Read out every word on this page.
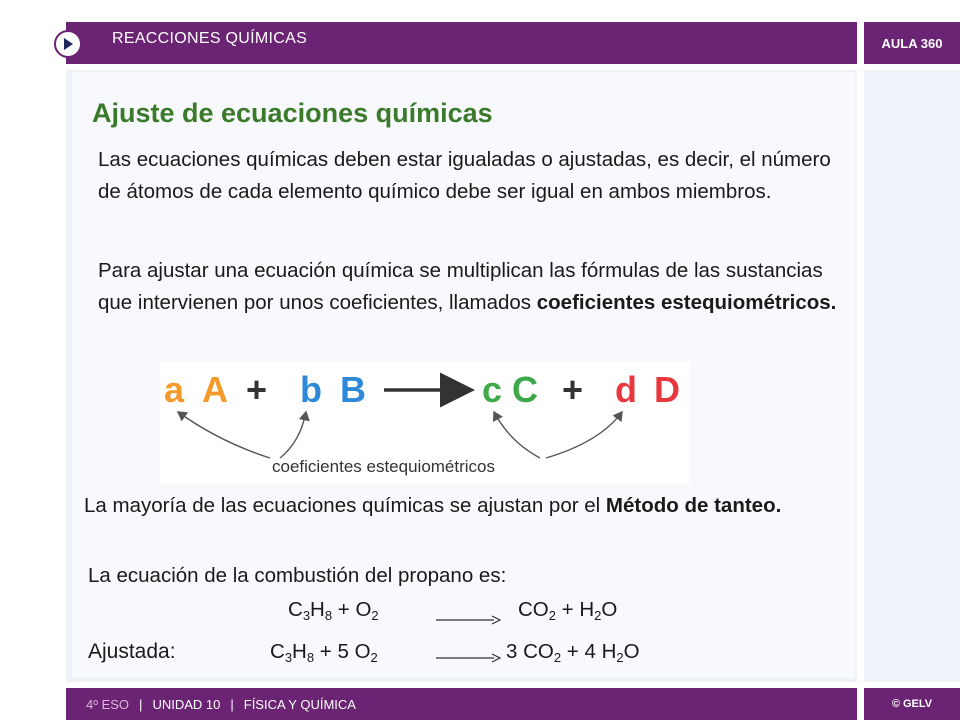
REACCIONES QUÍMICAS	AULA 360
Ajuste de ecuaciones químicas
Las ecuaciones químicas deben estar igualadas o ajustadas, es decir, el número de átomos de cada elemento químico debe ser igual en ambos miembros.
Para ajustar una ecuación química se multiplican las fórmulas de las sustancias que intervienen por unos coeficientes, llamados coeficientes estequiométricos.
a A + b B	c C + d D
coeficientes estequiométricos
La mayoría de las ecuaciones químicas se ajustan por el Método de tanteo.
La ecuación de la combustión del propano es:
$C_3H_8 + O_2$	$CO_2 + H_2O$
Ajustada:	$C_3H_8 + 5$ $O_2$	3 $CO_2 + 4$ $H_2O$
4º ESO | UNIDAD 10 | FÍSICA Y QUÍMICA	© GELV
